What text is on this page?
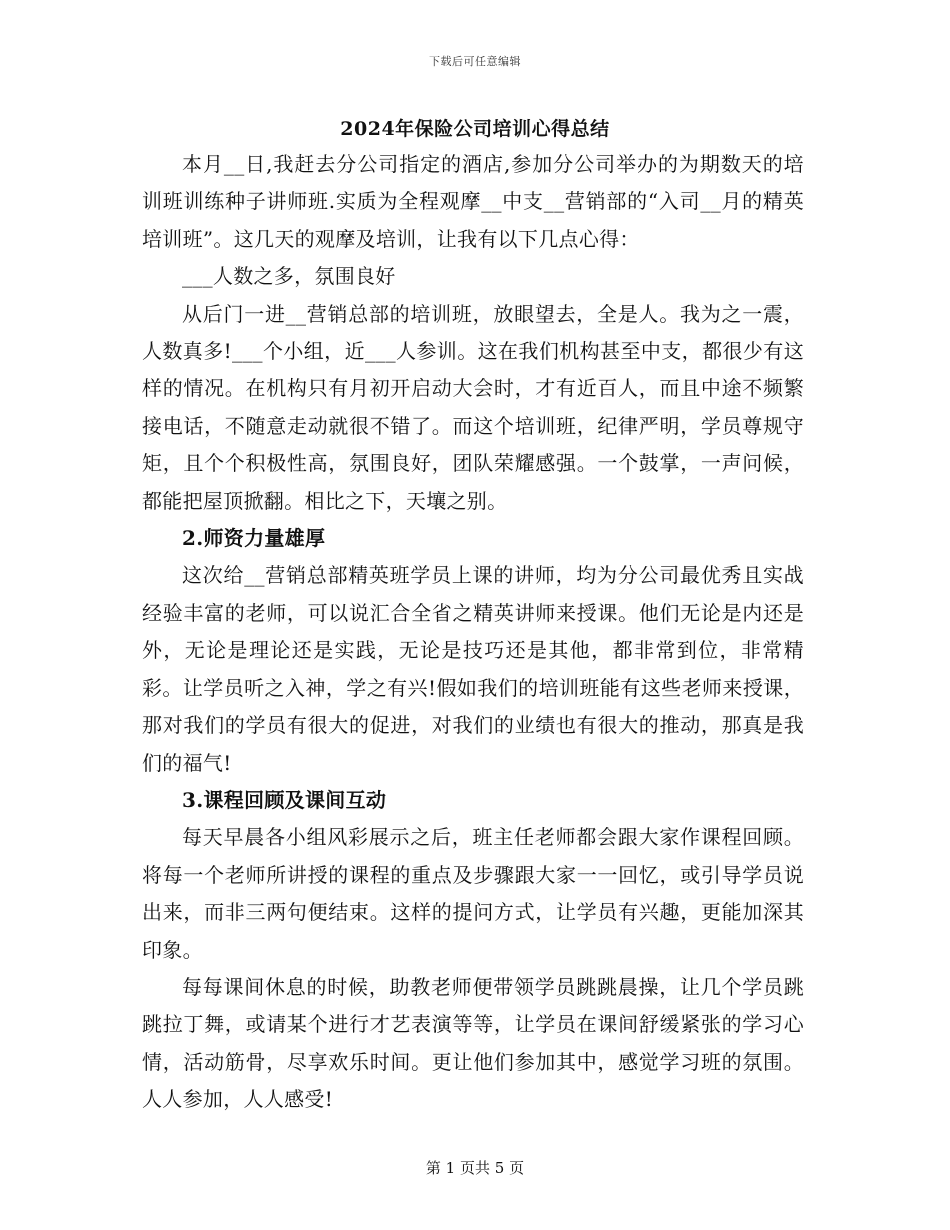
下载后可任意编辑
2024年保险公司培训心得总结

本月__日,我赶去分公司指定的酒店,参加分公司举办的为期数天的培训班训练种子讲师班.实质为全程观摩__中支__营销部的“入司__月的精英培训班”。这几天的观摩及培训，让我有以下几点心得：

___人数之多，氛围良好

从后门一进__营销总部的培训班，放眼望去，全是人。我为之一震，人数真多!___个小组，近___人参训。这在我们机构甚至中支，都很少有这样的情况。在机构只有月初开启动大会时，才有近百人，而且中途不频繁接电话，不随意走动就很不错了。而这个培训班，纪律严明，学员尊规守矩，且个个积极性高，氛围良好，团队荣耀感强。一个鼓掌，一声问候，都能把屋顶掀翻。相比之下，天壤之别。

2.师资力量雄厚

这次给__营销总部精英班学员上课的讲师，均为分公司最优秀且实战经验丰富的老师，可以说汇合全省之精英讲师来授课。他们无论是内还是外，无论是理论还是实践，无论是技巧还是其他，都非常到位，非常精彩。让学员听之入神，学之有兴!假如我们的培训班能有这些老师来授课，那对我们的学员有很大的促进，对我们的业绩也有很大的推动，那真是我们的福气!

3.课程回顾及课间互动

每天早晨各小组风彩展示之后，班主任老师都会跟大家作课程回顾。将每一个老师所讲授的课程的重点及步骤跟大家一一回忆，或引导学员说出来，而非三两句便结束。这样的提问方式，让学员有兴趣，更能加深其印象。

每每课间休息的时候，助教老师便带领学员跳跳晨操，让几个学员跳跳拉丁舞，或请某个进行才艺表演等等，让学员在课间舒缓紧张的学习心情，活动筋骨，尽享欢乐时间。更让他们参加其中，感觉学习班的氛围。人人参加，人人感受!

第 1 页共 5 页
